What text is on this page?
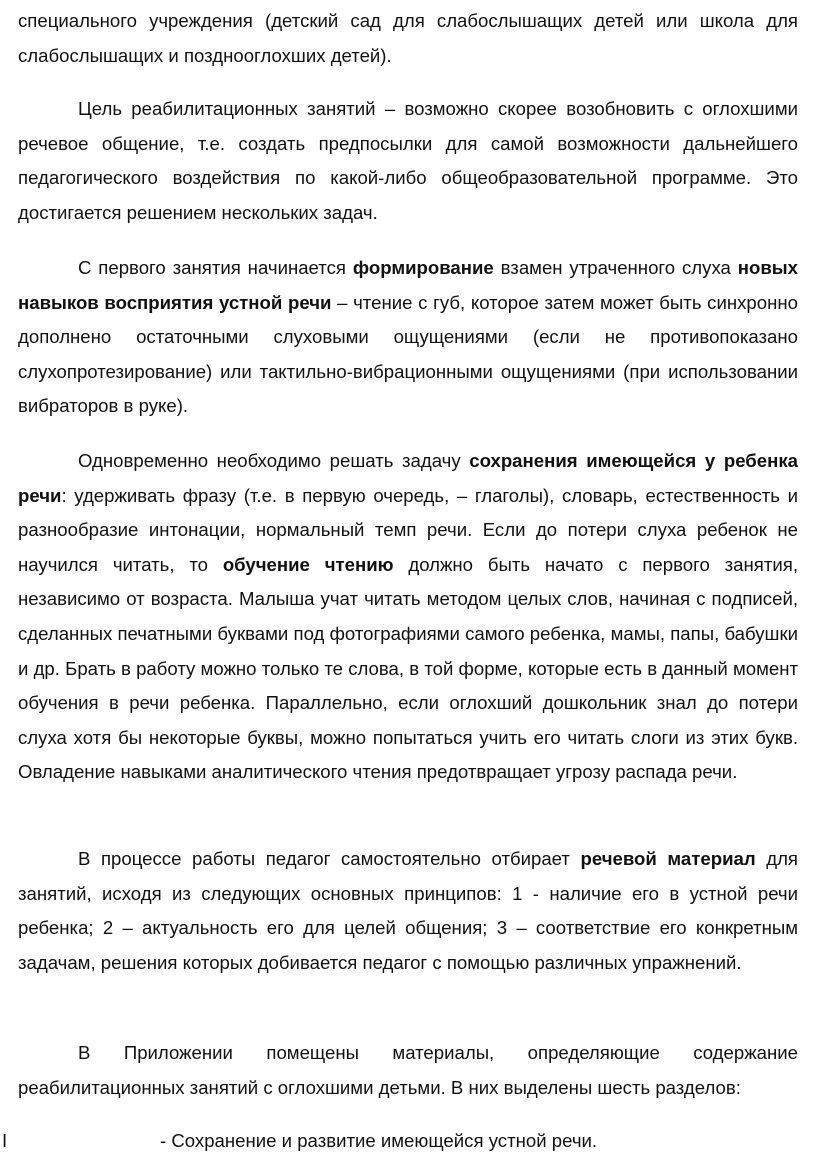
специального учреждения (детский сад для слабослышащих детей или школа для слабослышащих и позднооглохших детей).

Цель реабилитационных занятий – возможно скорее возобновить с оглохшими речевое общение, т.е. создать предпосылки для самой возможности дальнейшего педагогического воздействия по какой-либо общеобразовательной программе. Это достигается решением нескольких задач.

С первого занятия начинается формирование взамен утраченного слуха новых навыков восприятия устной речи – чтение с губ, которое затем может быть синхронно дополнено остаточными слуховыми ощущениями (если не противопоказано слухопротезирование) или тактильно-вибрационными ощущениями (при использовании вибраторов в руке).

Одновременно необходимо решать задачу сохранения имеющейся у ребенка речи: удерживать фразу (т.е. в первую очередь, – глаголы), словарь, естественность и разнообразие интонации, нормальный темп речи. Если до потери слуха ребенок не научился читать, то обучение чтению должно быть начато с первого занятия, независимо от возраста. Малыша учат читать методом целых слов, начиная с подписей, сделанных печатными буквами под фотографиями самого ребенка, мамы, папы, бабушки и др. Брать в работу можно только те слова, в той форме, которые есть в данный момент обучения в речи ребенка. Параллельно, если оглохший дошкольник знал до потери слуха хотя бы некоторые буквы, можно попытаться учить его читать слоги из этих букв. Овладение навыками аналитического чтения предотвращает угрозу распада речи.

В процессе работы педагог самостоятельно отбирает речевой материал для занятий, исходя из следующих основных принципов: 1 - наличие его в устной речи ребенка; 2 – актуальность его для целей общения; 3 – соответствие его конкретным задачам, решения которых добивается педагог с помощью различных упражнений.

В Приложении помещены материалы, определяющие содержание реабилитационных занятий с оглохшими детьми. В них выделены шесть разделов:

I	- Сохранение и развитие имеющейся устной речи.
